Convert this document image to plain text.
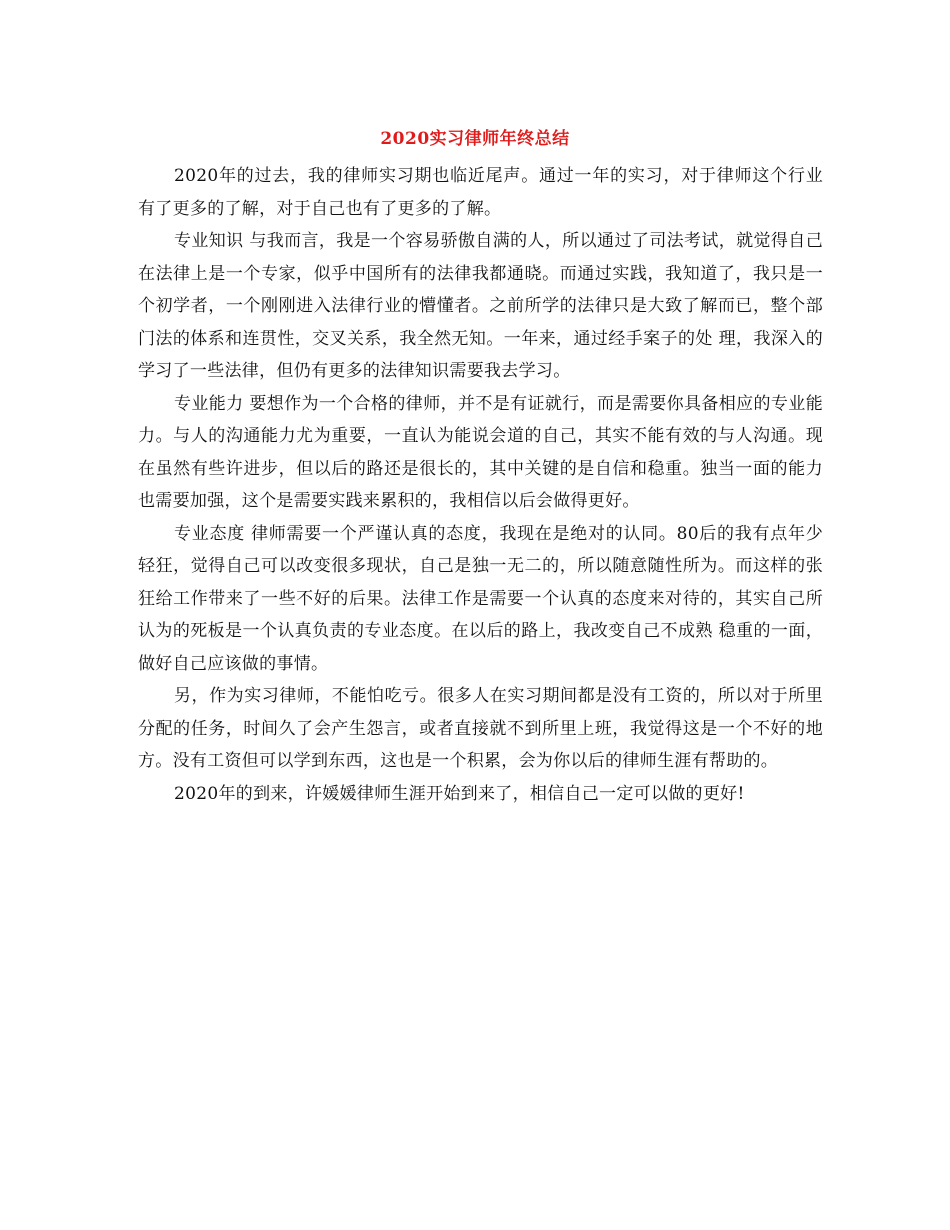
2020实习律师年终总结

2020年的过去，我的律师实习期也临近尾声。通过一年的实习，对于律师这个行业有了更多的了解，对于自己也有了更多的了解。

专业知识 与我而言，我是一个容易骄傲自满的人，所以通过了司法考试，就觉得自己在法律上是一个专家，似乎中国所有的法律我都通晓。而通过实践，我知道了，我只是一 个初学者，一个刚刚进入法律行业的懵懂者。之前所学的法律只是大致了解而已，整个部门法的体系和连贯性，交叉关系，我全然无知。一年来，通过经手案子的处 理，我深入的学习了一些法律，但仍有更多的法律知识需要我去学习。

专业能力 要想作为一个合格的律师，并不是有证就行，而是需要你具备相应的专业能力。与人的沟通能力尤为重要，一直认为能说会道的自己，其实不能有效的与人沟通。现 在虽然有些许进步，但以后的路还是很长的，其中关键的是自信和稳重。独当一面的能力也需要加强，这个是需要实践来累积的，我相信以后会做得更好。

专业态度 律师需要一个严谨认真的态度，我现在是绝对的认同。80后的我有点年少轻狂，觉得自己可以改变很多现状，自己是独一无二的，所以随意随性所为。而这样的张 狂给工作带来了一些不好的后果。法律工作是需要一个认真的态度来对待的，其实自己所认为的死板是一个认真负责的专业态度。在以后的路上，我改变自己不成熟 稳重的一面，做好自己应该做的事情。

另，作为实习律师，不能怕吃亏。很多人在实习期间都是没有工资的，所以对于所里分配的任务，时间久了会产生怨言，或者直接就不到所里上班，我觉得这是一个不好的地方。没有工资但可以学到东西，这也是一个积累，会为你以后的律师生涯有帮助的。

2020年的到来，许媛媛律师生涯开始到来了，相信自己一定可以做的更好!
